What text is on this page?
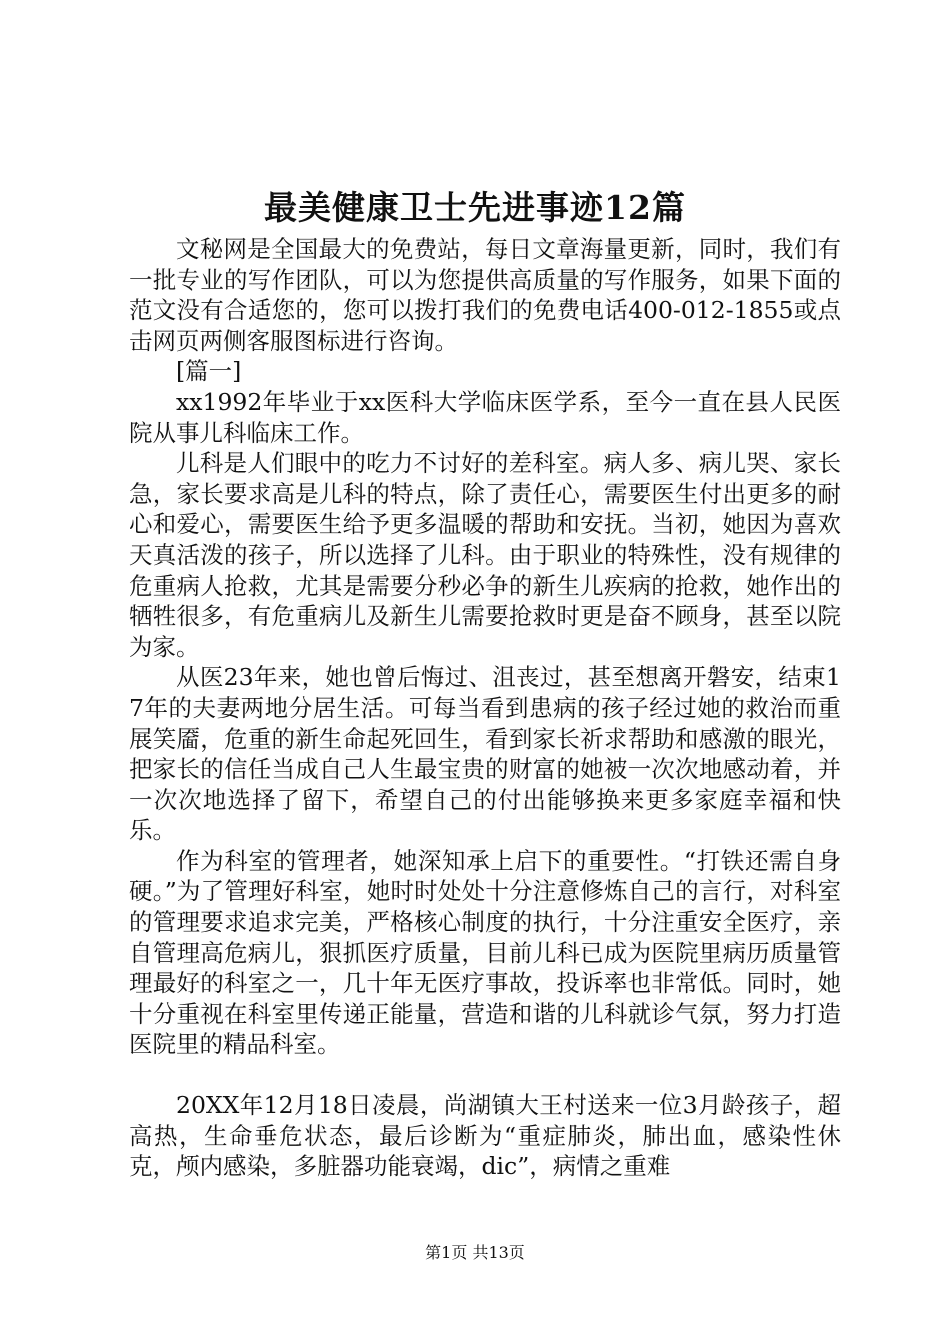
最美健康卫士先进事迹12篇

文秘网是全国最大的免费站，每日文章海量更新，同时，我们有一批专业的写作团队，可以为您提供高质量的写作服务，如果下面的范文没有合适您的，您可以拨打我们的免费电话400-012-1855或点击网页两侧客服图标进行咨询。

[篇一]

xx1992年毕业于xx医科大学临床医学系，至今一直在县人民医院从事儿科临床工作。

儿科是人们眼中的吃力不讨好的差科室。病人多、病儿哭、家长急，家长要求高是儿科的特点，除了责任心，需要医生付出更多的耐心和爱心，需要医生给予更多温暖的帮助和安抚。当初，她因为喜欢天真活泼的孩子，所以选择了儿科。由于职业的特殊性，没有规律的危重病人抢救，尤其是需要分秒必争的新生儿疾病的抢救，她作出的牺牲很多，有危重病儿及新生儿需要抢救时更是奋不顾身，甚至以院为家。

从医23年来，她也曾后悔过、沮丧过，甚至想离开磐安，结束17年的夫妻两地分居生活。可每当看到患病的孩子经过她的救治而重展笑靥，危重的新生命起死回生，看到家长祈求帮助和感激的眼光，把家长的信任当成自己人生最宝贵的财富的她被一次次地感动着，并一次次地选择了留下，希望自己的付出能够换来更多家庭幸福和快乐。

作为科室的管理者，她深知承上启下的重要性。“打铁还需自身硬。”为了管理好科室，她时时处处十分注意修炼自己的言行，对科室的管理要求追求完美，严格核心制度的执行，十分注重安全医疗，亲自管理高危病儿，狠抓医疗质量，目前儿科已成为医院里病历质量管理最好的科室之一，几十年无医疗事故，投诉率也非常低。同时，她十分重视在科室里传递正能量，营造和谐的儿科就诊气氛，努力打造医院里的精品科室。

20XX年12月18日凌晨，尚湖镇大王村送来一位3月龄孩子，超高热，生命垂危状态，最后诊断为“重症肺炎，肺出血，感染性休克，颅内感染，多脏器功能衰竭，dic”，病情之重难

第1页 共13页
